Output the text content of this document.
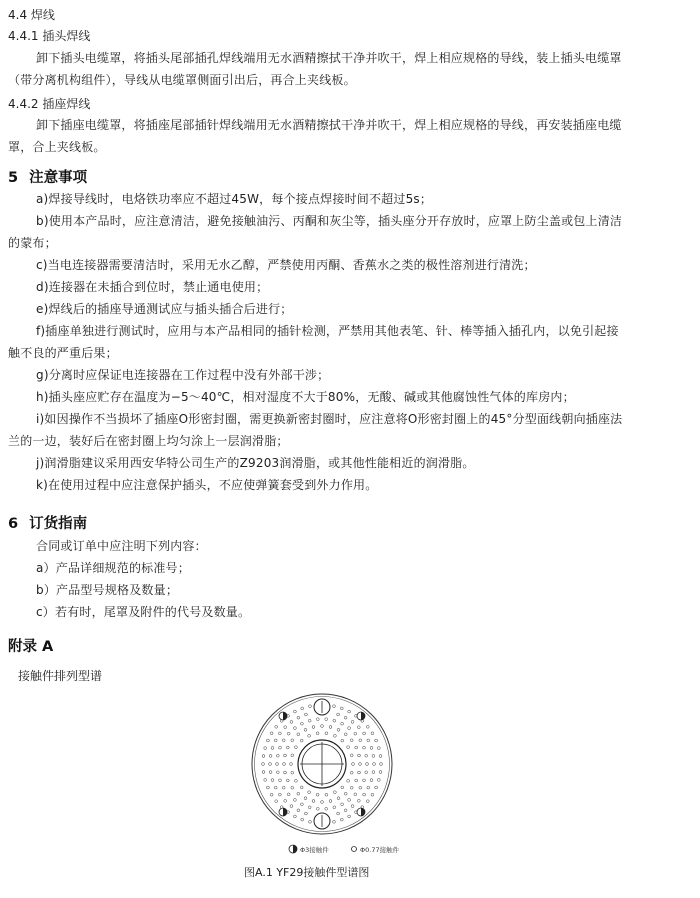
4.4 焊线
4.4.1 插头焊线
卸下插头电缆罩，将插头尾部插孔焊线端用无水酒精擦拭干净并吹干，焊上相应规格的导线，装上插头电缆罩
（带分离机构组件），导线从电缆罩侧面引出后，再合上夹线板。
4.4.2 插座焊线
卸下插座电缆罩，将插座尾部插针焊线端用无水酒精擦拭干净并吹干，焊上相应规格的导线，再安装插座电缆
罩，合上夹线板。
5 注意事项
a)焊接导线时，电烙铁功率应不超过45W，每个接点焊接时间不超过5s；
b)使用本产品时，应注意清洁，避免接触油污、丙酮和灰尘等，插头座分开存放时，应罩上防尘盖或包上清洁
的蒙布；
c)当电连接器需要清洁时，采用无水乙醇，严禁使用丙酮、香蕉水之类的极性溶剂进行清洗；
d)连接器在未插合到位时，禁止通电使用；
e)焊线后的插座导通测试应与插头插合后进行；
f)插座单独进行测试时，应用与本产品相同的插针检测，严禁用其他表笔、针、棒等插入插孔内，以免引起接
触不良的严重后果；
g)分离时应保证电连接器在工作过程中没有外部干涉；
h)插头座应贮存在温度为−5～40℃，相对湿度不大于80%，无酸、碱或其他腐蚀性气体的库房内；
i)如因操作不当损坏了插座O形密封圈，需更换新密封圈时，应注意将O形密封圈上的45°分型面线朝向插座法
兰的一边，装好后在密封圈上均匀涂上一层润滑脂；
j)润滑脂建议采用西安华特公司生产的Z9203润滑脂，或其他性能相近的润滑脂。
k)在使用过程中应注意保护插头，不应使弹簧套受到外力作用。
6 订货指南
合同或订单中应注明下列内容：
a）产品详细规范的标准号；
b）产品型号规格及数量；
c）若有时，尾罩及附件的代号及数量。
附录 A
接触件排列型谱
Φ3接触件	Φ0.77接触件
图A.1 YF29接触件型谱图
